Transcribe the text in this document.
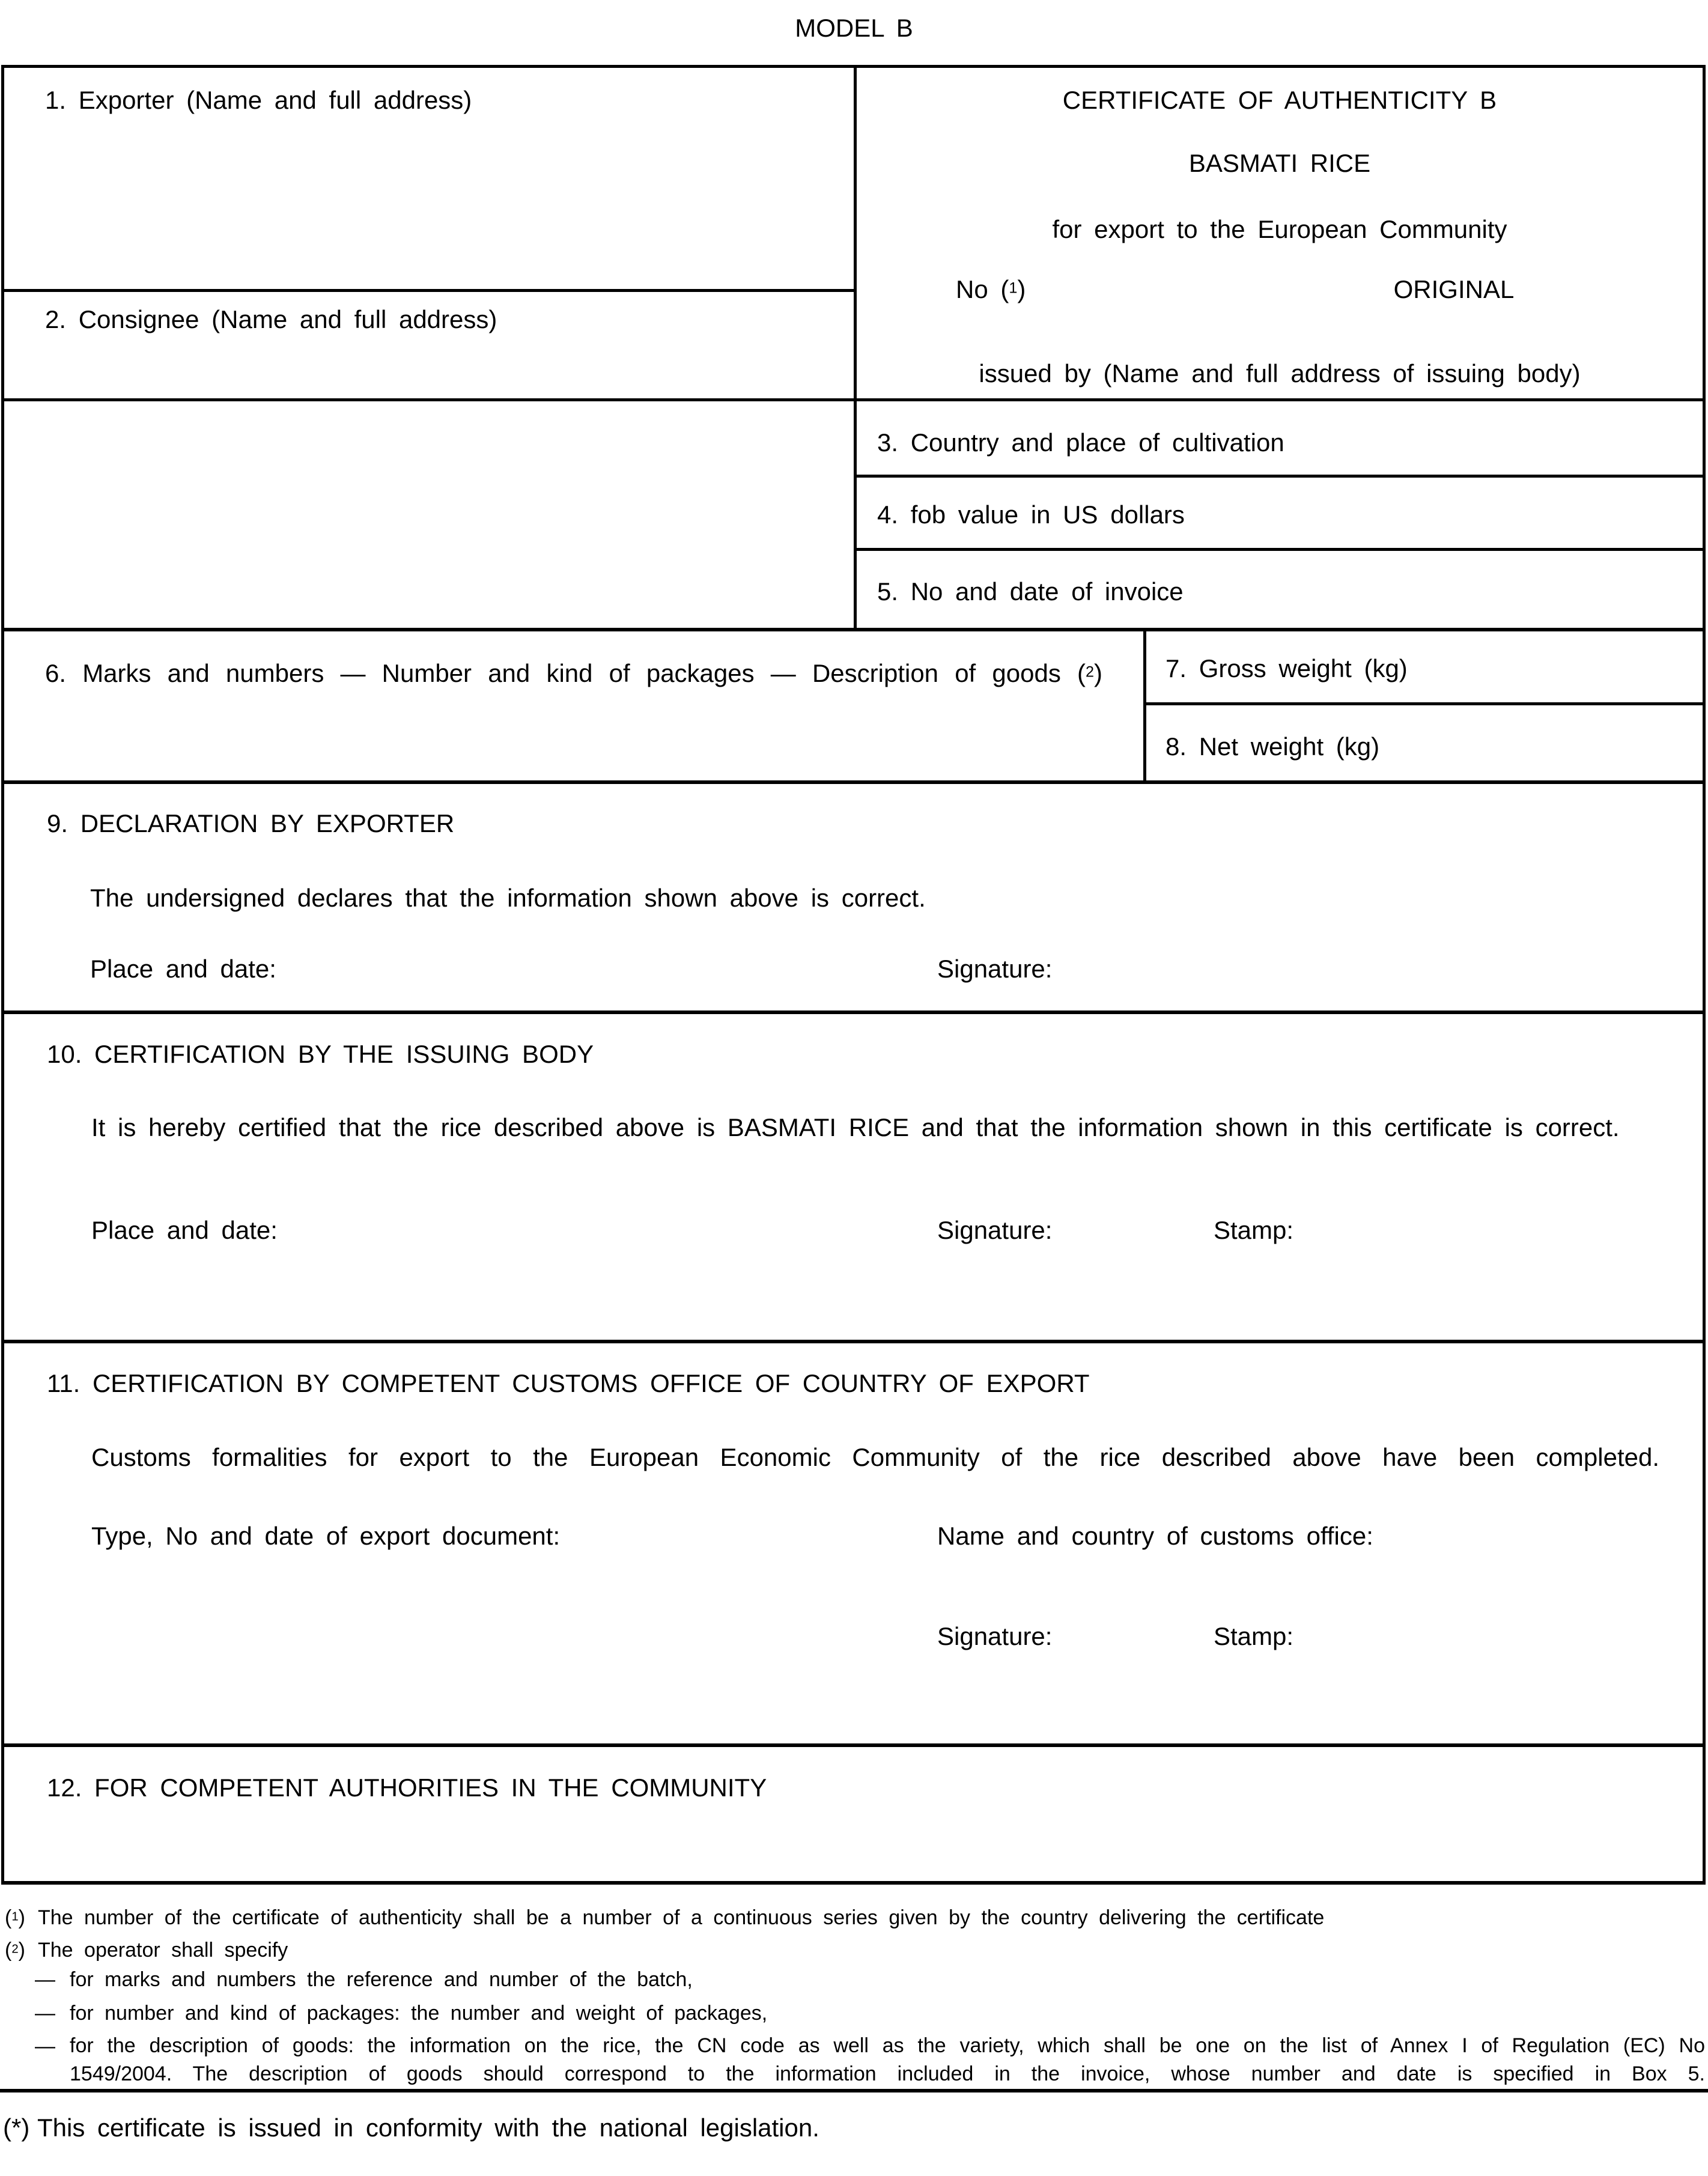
MODEL B
1. Exporter (Name and full address)
2. Consignee (Name and full address)
CERTIFICATE OF AUTHENTICITY B
BASMATI RICE
for export to the European Community
No ($^1$)	ORIGINAL
issued by (Name and full address of issuing body)
3. Country and place of cultivation
4. fob value in US dollars
5. No and date of invoice
6. Marks and numbers — Number and kind of packages — Description of goods ($^2$)	7. Gross weight (kg)
8. Net weight (kg)
9. DECLARATION BY EXPORTER
The undersigned declares that the information shown above is correct.
Place and date:	Signature:
10. CERTIFICATION BY THE ISSUING BODY
It is hereby certified that the rice described above is BASMATI RICE and that the information shown in this certificate is correct.
Place and date:	Signature:	Stamp:
11. CERTIFICATION BY COMPETENT CUSTOMS OFFICE OF COUNTRY OF EXPORT
Customs formalities for export to the European Economic Community of the rice described above have been completed.
Type, No and date of export document:	Name and country of customs office:
Signature:	Stamp:
12. FOR COMPETENT AUTHORITIES IN THE COMMUNITY
($^1$) The number of the certificate of authenticity shall be a number of a continuous series given by the country delivering the certificate
($^2$) The operator shall specify
— for marks and numbers the reference and number of the batch,
— for number and kind of packages: the number and weight of packages,
— for the description of goods: the information on the rice, the CN code as well as the variety, which shall be one on the list of Annex I of Regulation (EC) No 1549/2004. The description of goods should correspond to the information included in the invoice, whose number and date is specified in Box 5.
(*) This certificate is issued in conformity with the national legislation.
